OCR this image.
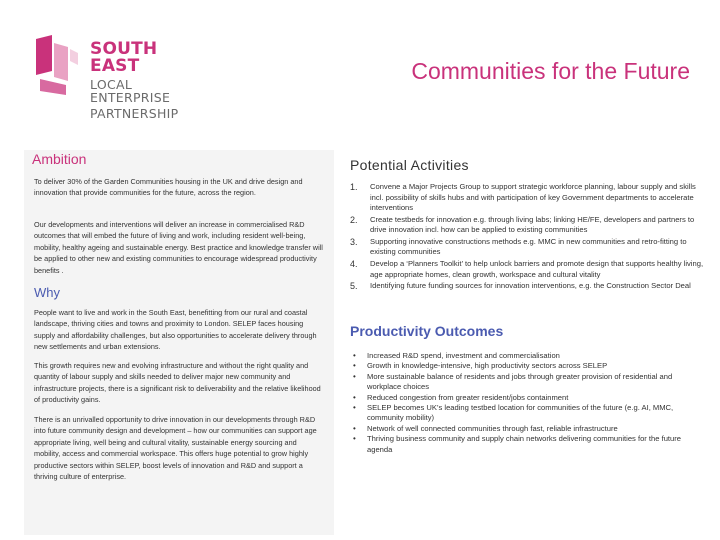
SOUTH EAST
LOCAL ENTERPRISE
PARTNERSHIP
Communities for the Future
Ambition
To deliver 30% of the Garden Communities housing in the UK and drive design and innovation that provide communities for the future, across the region.
Our developments and interventions will deliver an increase in commercialised R&D outcomes that will embed the future of living and work, including resident well-being, mobility, healthy ageing and sustainable energy. Best practice and knowledge transfer will be applied to other new and existing communities to encourage widespread productivity benefits .
Why
People want to live and work in the South East, benefitting from our rural and coastal landscape, thriving cities and towns and proximity to London. SELEP faces housing supply and affordability challenges, but also opportunities to accelerate delivery through new settlements and urban extensions.
This growth requires new and evolving infrastructure and without the right quality and quantity of labour supply and skills needed to deliver major new community and infrastructure projects, there is a significant risk to deliverability and the relative likelihood of productivity gains.
There is an unrivalled opportunity to drive innovation in our developments through R&D into future community design and development – how our communities can support age appropriate living, well being and cultural vitality, sustainable energy sourcing and mobility, access and commercial workspace. This offers huge potential to grow highly productive sectors within SELEP, boost levels of innovation and R&D and support a thriving culture of enterprise.
Potential Activities
1. Convene a Major Projects Group to support strategic workforce planning, labour supply and skills incl. possibility of skills hubs and with participation of key Government departments to accelerate interventions
2. Create testbeds for innovation e.g. through living labs; linking HE/FE, developers and partners to drive innovation incl. how can be applied to existing communities
3. Supporting innovative constructions methods e.g. MMC in new communities and retro-fitting to existing communities
4. Develop a ‘Planners Toolkit’ to help unlock barriers and promote design that supports healthy living, age appropriate homes, clean growth, workspace and cultural vitality
5. Identifying future funding sources for innovation interventions, e.g. the Construction Sector Deal
Productivity Outcomes
• Increased R&D spend, investment and commercialisation
• Growth in knowledge-intensive, high productivity sectors across SELEP
• More sustainable balance of residents and jobs through greater provision of residential and workplace choices
• Reduced congestion from greater resident/jobs containment
• SELEP becomes UK’s leading testbed location for communities of the future (e.g. AI, MMC, community mobility)
• Network of well connected communities through fast, reliable infrastructure
• Thriving business community and supply chain networks delivering communities for the future agenda
